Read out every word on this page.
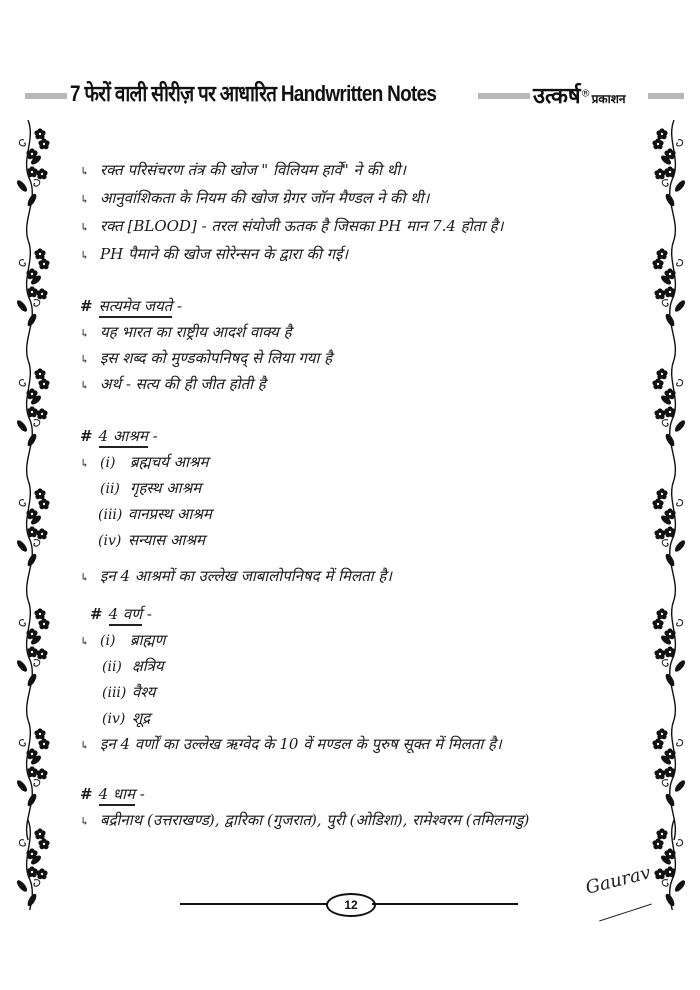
7 फेरों वाली सीरीज़ पर आधारित Handwritten Notes	उत्कर्ष®प्रकाशन
↳ रक्त परिसंचरण तंत्र की खोज " विलियम हार्वे" ने की थी।
↳ आनुवांशिकता के नियम की खोज ग्रेगर जॉन मैण्डल ने की थी।
↳ रक्त [BLOOD] - तरल संयोजी ऊतक है जिसका PH मान 7.4 होता है।
↳ PH पैमाने की खोज सोरेन्सन के द्वारा की गई।
# सत्यमेव जयते -
↳ यह भारत का राष्ट्रीय आदर्श वाक्य है
↳ इस शब्द को मुण्डकोपनिषद् से लिया गया है
↳ अर्थ - सत्य की ही जीत होती है
# 4 आश्रम -
↳ (i) ब्रह्मचर्य आश्रम
(ii) गृहस्थ आश्रम
(iii) वानप्रस्थ आश्रम
(iv) सन्यास आश्रम
↳ इन 4 आश्रमों का उल्लेख जाबालोपनिषद में मिलता है।
# 4 वर्ण -
↳ (i) ब्राह्मण
(ii) क्षत्रिय
(iii) वैश्य
(iv) शूद्र
↳ इन 4 वर्णों का उल्लेख ऋग्वेद के 10 वें मण्डल के पुरुष सूक्त में मिलता है।
# 4 धाम -
↳ बद्रीनाथ (उत्तराखण्ड), द्वारिका (गुजरात), पुरी (ओडिशा), रामेश्वरम (तमिलनाडु)
12
Gaurav
